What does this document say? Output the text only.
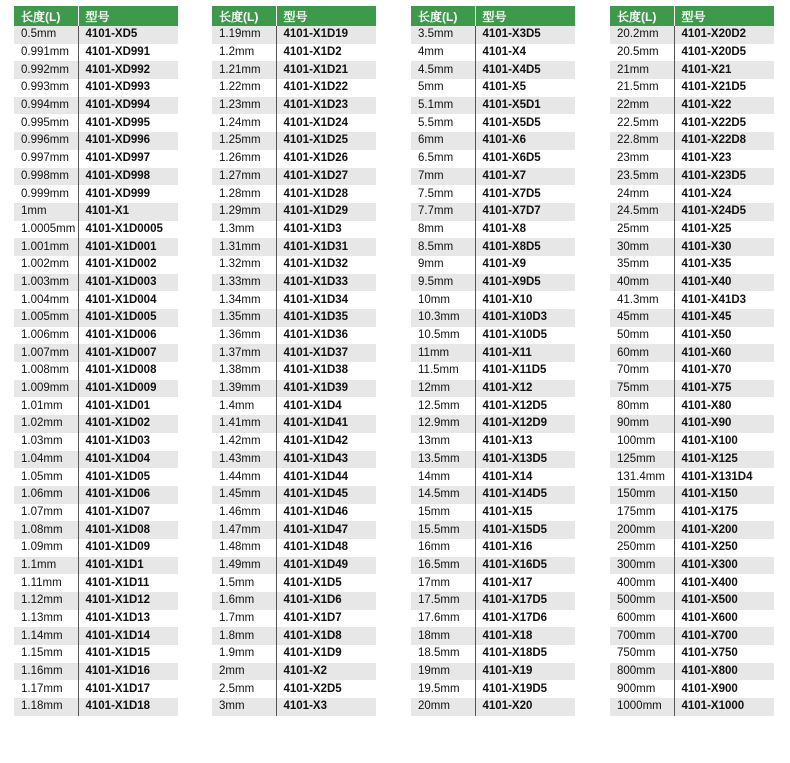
长度(L)	型号
0.5mm	4101-XD5
0.991mm	4101-XD991
0.992mm	4101-XD992
0.993mm	4101-XD993
0.994mm	4101-XD994
0.995mm	4101-XD995
0.996mm	4101-XD996
0.997mm	4101-XD997
0.998mm	4101-XD998
0.999mm	4101-XD999
1mm	4101-X1
1.0005mm	4101-X1D0005
1.001mm	4101-X1D001
1.002mm	4101-X1D002
1.003mm	4101-X1D003
1.004mm	4101-X1D004
1.005mm	4101-X1D005
1.006mm	4101-X1D006
1.007mm	4101-X1D007
1.008mm	4101-X1D008
1.009mm	4101-X1D009
1.01mm	4101-X1D01
1.02mm	4101-X1D02
1.03mm	4101-X1D03
1.04mm	4101-X1D04
1.05mm	4101-X1D05
1.06mm	4101-X1D06
1.07mm	4101-X1D07
1.08mm	4101-X1D08
1.09mm	4101-X1D09
1.1mm	4101-X1D1
1.11mm	4101-X1D11
1.12mm	4101-X1D12
1.13mm	4101-X1D13
1.14mm	4101-X1D14
1.15mm	4101-X1D15
1.16mm	4101-X1D16
1.17mm	4101-X1D17
1.18mm	4101-X1D18
长度(L)	型号
1.19mm	4101-X1D19
1.2mm	4101-X1D2
1.21mm	4101-X1D21
1.22mm	4101-X1D22
1.23mm	4101-X1D23
1.24mm	4101-X1D24
1.25mm	4101-X1D25
1.26mm	4101-X1D26
1.27mm	4101-X1D27
1.28mm	4101-X1D28
1.29mm	4101-X1D29
1.3mm	4101-X1D3
1.31mm	4101-X1D31
1.32mm	4101-X1D32
1.33mm	4101-X1D33
1.34mm	4101-X1D34
1.35mm	4101-X1D35
1.36mm	4101-X1D36
1.37mm	4101-X1D37
1.38mm	4101-X1D38
1.39mm	4101-X1D39
1.4mm	4101-X1D4
1.41mm	4101-X1D41
1.42mm	4101-X1D42
1.43mm	4101-X1D43
1.44mm	4101-X1D44
1.45mm	4101-X1D45
1.46mm	4101-X1D46
1.47mm	4101-X1D47
1.48mm	4101-X1D48
1.49mm	4101-X1D49
1.5mm	4101-X1D5
1.6mm	4101-X1D6
1.7mm	4101-X1D7
1.8mm	4101-X1D8
1.9mm	4101-X1D9
2mm	4101-X2
2.5mm	4101-X2D5
3mm	4101-X3
长度(L)	型号
3.5mm	4101-X3D5
4mm	4101-X4
4.5mm	4101-X4D5
5mm	4101-X5
5.1mm	4101-X5D1
5.5mm	4101-X5D5
6mm	4101-X6
6.5mm	4101-X6D5
7mm	4101-X7
7.5mm	4101-X7D5
7.7mm	4101-X7D7
8mm	4101-X8
8.5mm	4101-X8D5
9mm	4101-X9
9.5mm	4101-X9D5
10mm	4101-X10
10.3mm	4101-X10D3
10.5mm	4101-X10D5
11mm	4101-X11
11.5mm	4101-X11D5
12mm	4101-X12
12.5mm	4101-X12D5
12.9mm	4101-X12D9
13mm	4101-X13
13.5mm	4101-X13D5
14mm	4101-X14
14.5mm	4101-X14D5
15mm	4101-X15
15.5mm	4101-X15D5
16mm	4101-X16
16.5mm	4101-X16D5
17mm	4101-X17
17.5mm	4101-X17D5
17.6mm	4101-X17D6
18mm	4101-X18
18.5mm	4101-X18D5
19mm	4101-X19
19.5mm	4101-X19D5
20mm	4101-X20
长度(L)	型号
20.2mm	4101-X20D2
20.5mm	4101-X20D5
21mm	4101-X21
21.5mm	4101-X21D5
22mm	4101-X22
22.5mm	4101-X22D5
22.8mm	4101-X22D8
23mm	4101-X23
23.5mm	4101-X23D5
24mm	4101-X24
24.5mm	4101-X24D5
25mm	4101-X25
30mm	4101-X30
35mm	4101-X35
40mm	4101-X40
41.3mm	4101-X41D3
45mm	4101-X45
50mm	4101-X50
60mm	4101-X60
70mm	4101-X70
75mm	4101-X75
80mm	4101-X80
90mm	4101-X90
100mm	4101-X100
125mm	4101-X125
131.4mm	4101-X131D4
150mm	4101-X150
175mm	4101-X175
200mm	4101-X200
250mm	4101-X250
300mm	4101-X300
400mm	4101-X400
500mm	4101-X500
600mm	4101-X600
700mm	4101-X700
750mm	4101-X750
800mm	4101-X800
900mm	4101-X900
1000mm	4101-X1000
